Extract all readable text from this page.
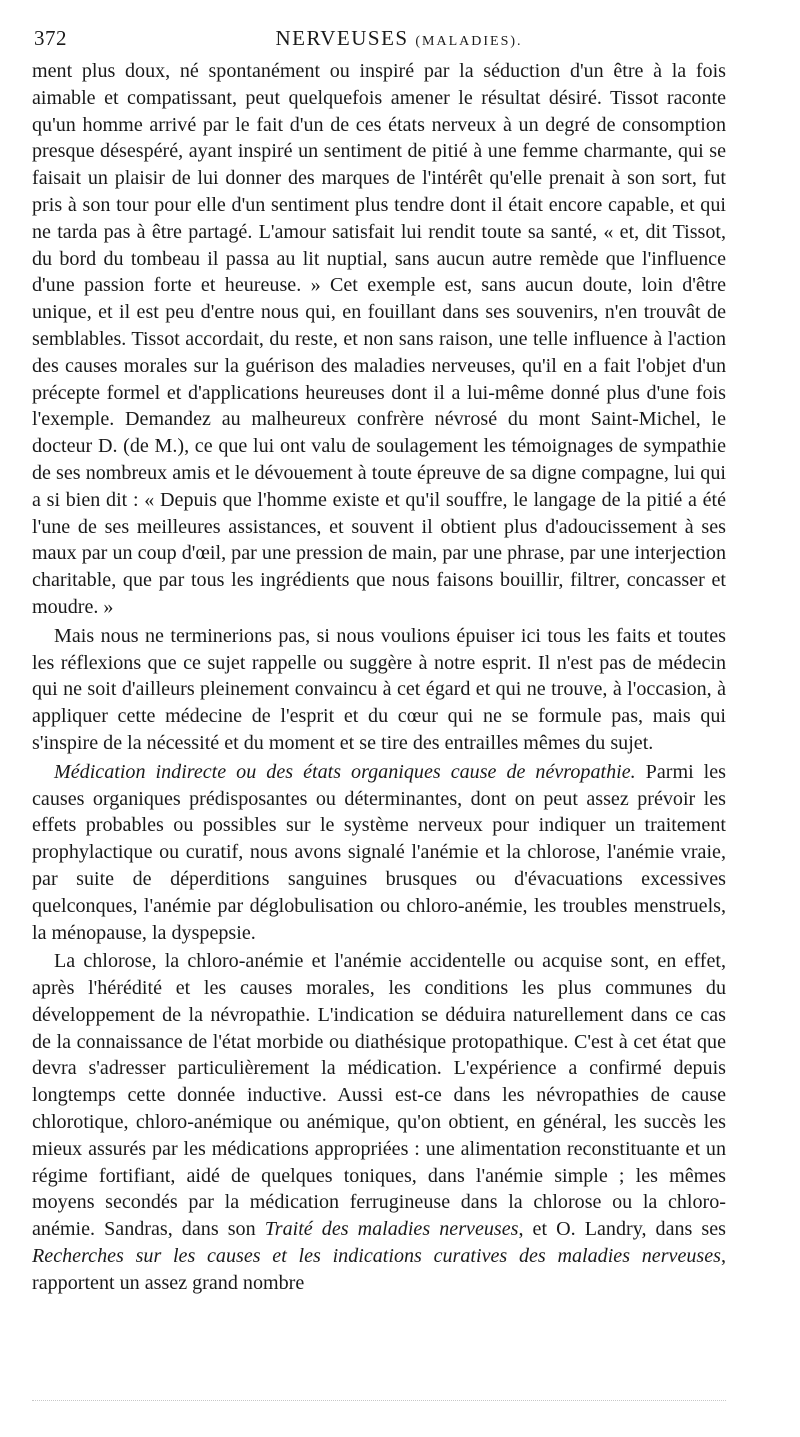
372	NERVEUSES (MALADIES).

ment plus doux, né spontanément ou inspiré par la séduction d'un être à la fois aimable et compatissant, peut quelquefois amener le résultat désiré. Tissot raconte qu'un homme arrivé par le fait d'un de ces états nerveux à un degré de consomption presque désespéré, ayant inspiré un sentiment de pitié à une femme charmante, qui se faisait un plaisir de lui donner des marques de l'intérêt qu'elle prenait à son sort, fut pris à son tour pour elle d'un sentiment plus tendre dont il était encore capable, et qui ne tarda pas à être partagé. L'amour satisfait lui rendit toute sa santé, « et, dit Tissot, du bord du tombeau il passa au lit nuptial, sans aucun autre remède que l'influence d'une passion forte et heureuse. » Cet exemple est, sans aucun doute, loin d'être unique, et il est peu d'entre nous qui, en fouillant dans ses souvenirs, n'en trouvât de semblables. Tissot accordait, du reste, et non sans raison, une telle influence à l'action des causes morales sur la guérison des maladies nerveuses, qu'il en a fait l'objet d'un précepte formel et d'applications heureuses dont il a lui-même donné plus d'une fois l'exemple. Demandez au malheureux confrère névrosé du mont Saint-Michel, le docteur D. (de M.), ce que lui ont valu de soulagement les témoignages de sympathie de ses nombreux amis et le dévouement à toute épreuve de sa digne compagne, lui qui a si bien dit : « Depuis que l'homme existe et qu'il souffre, le langage de la pitié a été l'une de ses meilleures assistances, et souvent il obtient plus d'adoucissement à ses maux par un coup d'œil, par une pression de main, par une phrase, par une interjection charitable, que par tous les ingrédients que nous faisons bouillir, filtrer, concasser et moudre. »

Mais nous ne terminerions pas, si nous voulions épuiser ici tous les faits et toutes les réflexions que ce sujet rappelle ou suggère à notre esprit. Il n'est pas de médecin qui ne soit d'ailleurs pleinement convaincu à cet égard et qui ne trouve, à l'occasion, à appliquer cette médecine de l'esprit et du cœur qui ne se formule pas, mais qui s'inspire de la nécessité et du moment et se tire des entrailles mêmes du sujet.

Médication indirecte ou des états organiques cause de névropathie. Parmi les causes organiques prédisposantes ou déterminantes, dont on peut assez prévoir les effets probables ou possibles sur le système nerveux pour indiquer un traitement prophylactique ou curatif, nous avons signalé l'anémie et la chlorose, l'anémie vraie, par suite de déperditions sanguines brusques ou d'évacuations excessives quelconques, l'anémie par déglobulisation ou chloro-anémie, les troubles menstruels, la ménopause, la dyspepsie.

La chlorose, la chloro-anémie et l'anémie accidentelle ou acquise sont, en effet, après l'hérédité et les causes morales, les conditions les plus communes du développement de la névropathie. L'indication se déduira naturellement dans ce cas de la connaissance de l'état morbide ou diathésique protopathique. C'est à cet état que devra s'adresser particulièrement la médication. L'expérience a confirmé depuis longtemps cette donnée inductive. Aussi est-ce dans les névropathies de cause chlorotique, chloro-anémique ou anémique, qu'on obtient, en général, les succès les mieux assurés par les médications appropriées : une alimentation reconstituante et un régime fortifiant, aidé de quelques toniques, dans l'anémie simple ; les mêmes moyens secondés par la médication ferrugineuse dans la chlorose ou la chloro-anémie. Sandras, dans son Traité des maladies nerveuses, et O. Landry, dans ses Recherches sur les causes et les indications curatives des maladies nerveuses, rapportent un assez grand nombre
